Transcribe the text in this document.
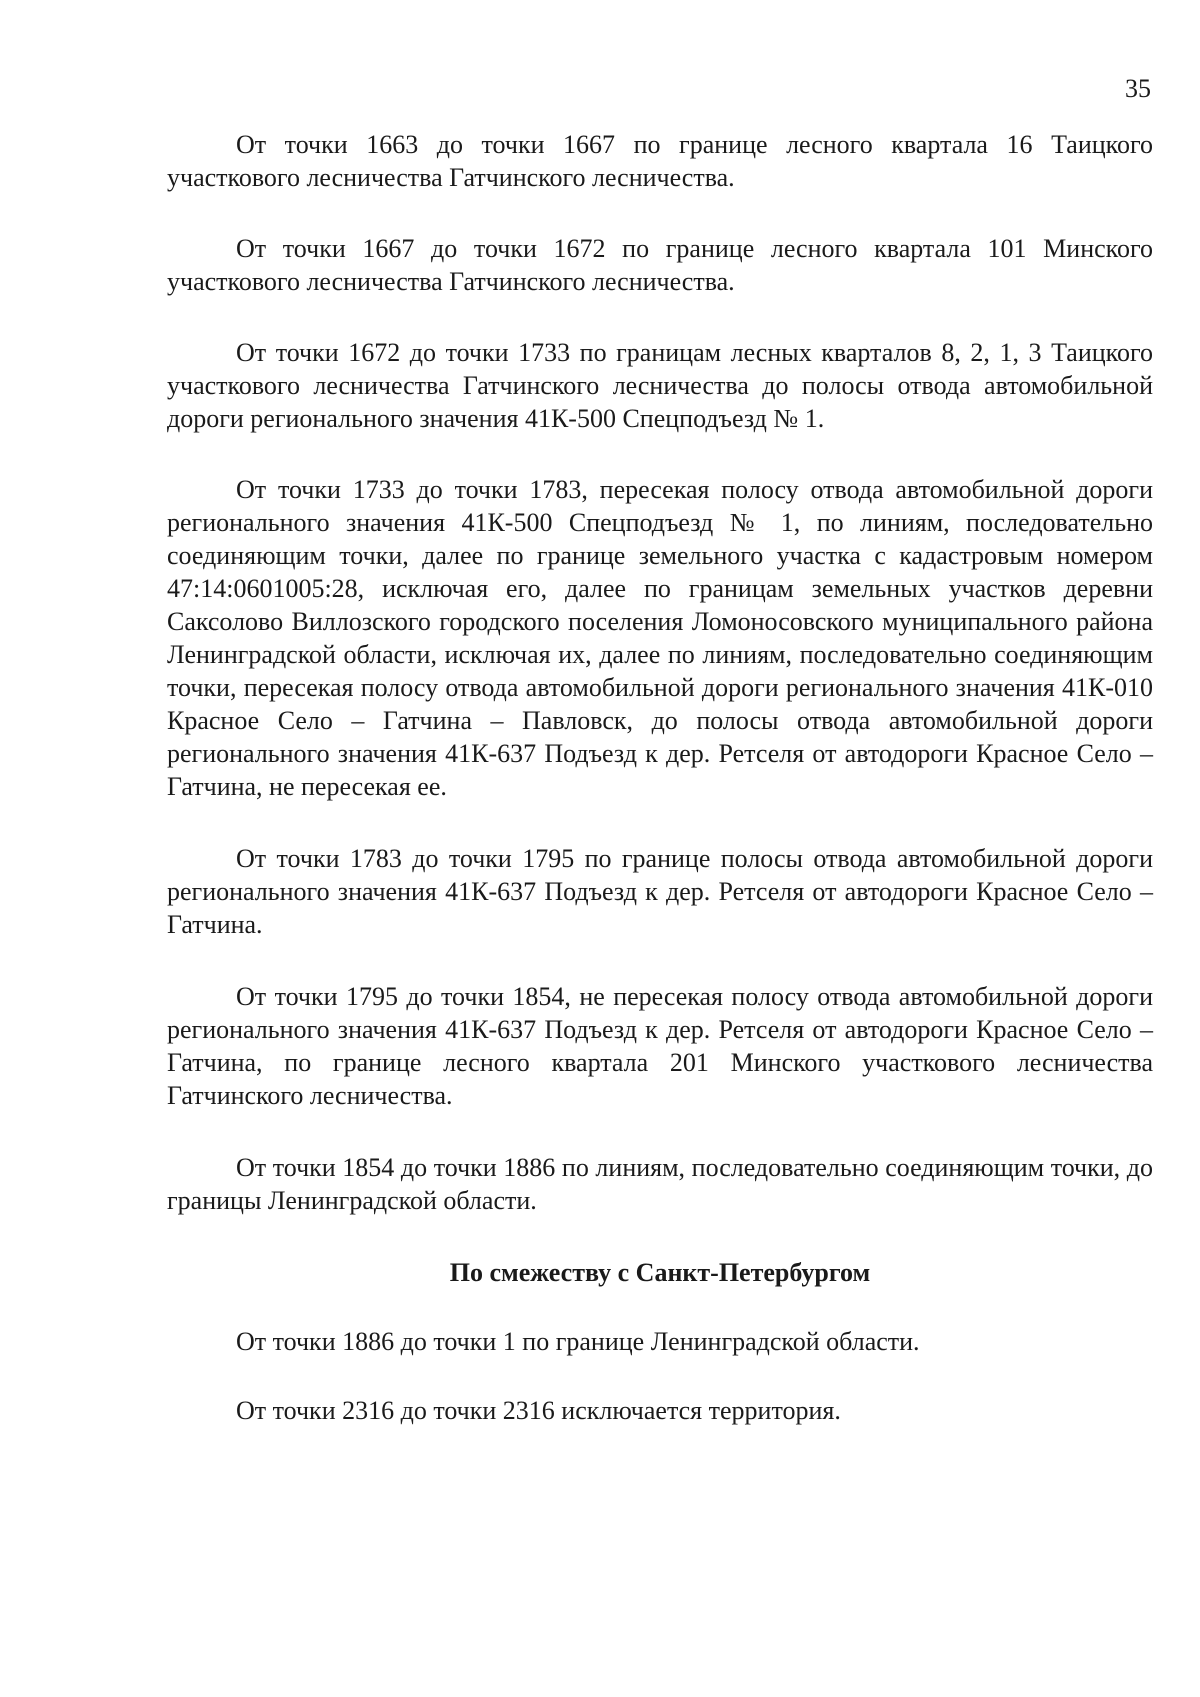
35

От точки 1663 до точки 1667 по границе лесного квартала 16 Таицкого участкового лесничества Гатчинского лесничества.

От точки 1667 до точки 1672 по границе лесного квартала 101 Минского участкового лесничества Гатчинского лесничества.

От точки 1672 до точки 1733 по границам лесных кварталов 8, 2, 1, 3 Таицкого участкового лесничества Гатчинского лесничества до полосы отвода автомобильной дороги регионального значения 41К-500 Спецподъезд № 1.

От точки 1733 до точки 1783, пересекая полосу отвода автомобильной дороги регионального значения 41К-500 Спецподъезд № 1, по линиям, последовательно соединяющим точки, далее по границе земельного участка с кадастровым номером 47:14:0601005:28, исключая его, далее по границам земельных участков деревни Саксолово Виллозского городского поселения Ломоносовского муниципального района Ленинградской области, исключая их, далее по линиям, последовательно соединяющим точки, пересекая полосу отвода автомобильной дороги регионального значения 41К-010 Красное Село – Гатчина – Павловск, до полосы отвода автомобильной дороги регионального значения 41К-637 Подъезд к дер. Ретселя от автодороги Красное Село – Гатчина, не пересекая ее.

От точки 1783 до точки 1795 по границе полосы отвода автомобильной дороги регионального значения 41К-637 Подъезд к дер. Ретселя от автодороги Красное Село – Гатчина.

От точки 1795 до точки 1854, не пересекая полосу отвода автомобильной дороги регионального значения 41К-637 Подъезд к дер. Ретселя от автодороги Красное Село – Гатчина, по границе лесного квартала 201 Минского участкового лесничества Гатчинского лесничества.

От точки 1854 до точки 1886 по линиям, последовательно соединяющим точки, до границы Ленинградской области.

По смежеству с Санкт-Петербургом

От точки 1886 до точки 1 по границе Ленинградской области.

От точки 2316 до точки 2316 исключается территория.
